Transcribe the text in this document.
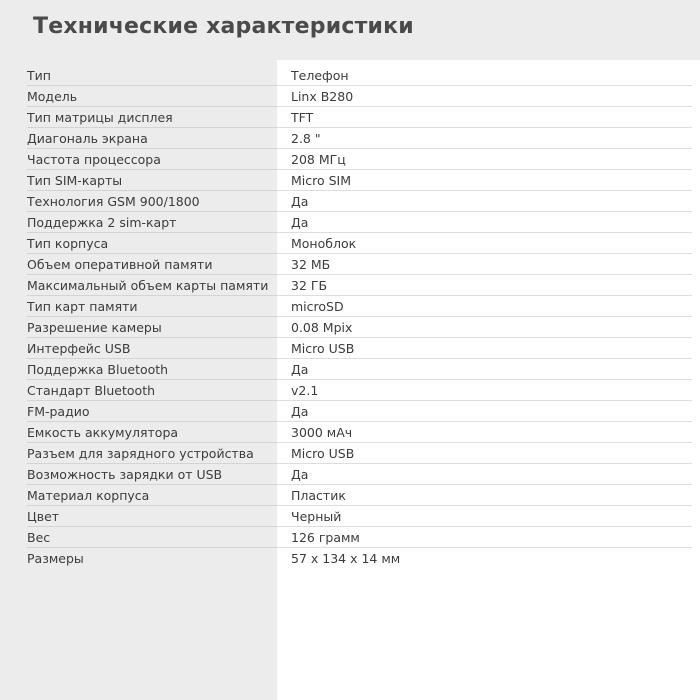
Технические характеристики
Тип	Телефон
Модель	Linx B280
Тип матрицы дисплея	TFT
Диагональ экрана	2.8 "
Частота процессора	208 МГц
Тип SIM-карты	Micro SIM
Технология GSM 900/1800	Да
Поддержка 2 sim-карт	Да
Тип корпуса	Моноблок
Объем оперативной памяти	32 МБ
Максимальный объем карты памяти	32 ГБ
Тип карт памяти	microSD
Разрешение камеры	0.08 Mpix
Интерфейс USB	Micro USB
Поддержка Bluetooth	Да
Стандарт Bluetooth	v2.1
FM-радио	Да
Емкость аккумулятора	3000 мАч
Разъем для зарядного устройства	Micro USB
Возможность зарядки от USB	Да
Материал корпуса	Пластик
Цвет	Черный
Вес	126 грамм
Размеры	57 x 134 x 14 мм
